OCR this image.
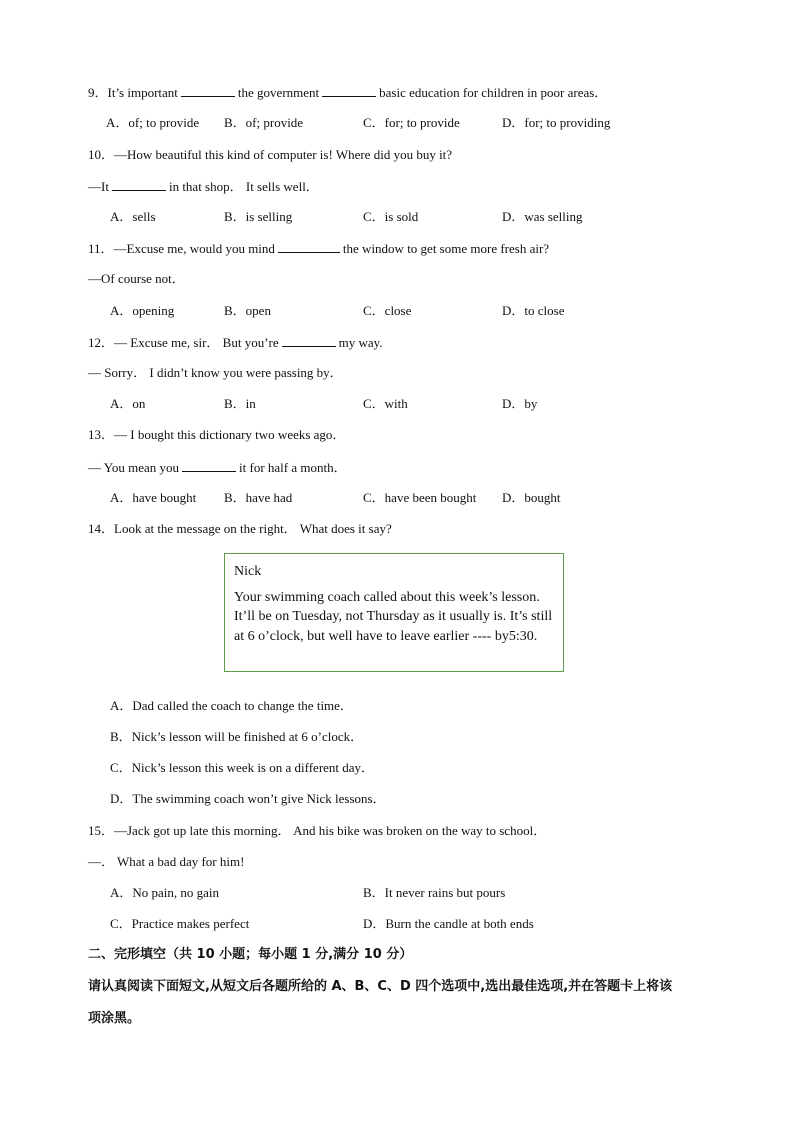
9．It’s important	the government	basic education for children in poor areas．
A．of; to provide B．of; provide	C．for; to provide	D．for; to providing
10．—How beautiful this kind of computer is! Where did you buy it?
—It	in that shop． It sells well．
A．sells	B．is selling	C．is sold	D．was selling
11．—Excuse me, would you mind	the window to get some more fresh air?
—Of course not．
A．opening	B．open	C．close	D．to close
12．— Excuse me, sir． But you’re	my way.
— Sorry． I didn’t know you were passing by．
A．on	B．in	C．with	D．by
13．— I bought this dictionary two weeks ago．
— You mean you	it for half a month．
A．have bought B．have had	C．have been bought D．bought
14．Look at the message on the right． What does it say?
Nick
Your swimming coach called about this week’s lesson. It’ll be on Tuesday, not Thursday as it usually is. It’s still at 6 o’clock, but well have to leave earlier ---- by5:30.
A．Dad called the coach to change the time．
B．Nick’s lesson will be finished at 6 o’clock．
C．Nick’s lesson this week is on a different day．
D．The swimming coach won’t give Nick lessons．
15．—Jack got up late this morning． And his bike was broken on the way to school．
—． What a bad day for him!
A．No pain, no gain	B．It never rains but pours
C．Practice makes perfect	D．Burn the candle at both ends
二、完形填空（共 10 小题；每小题 1 分,满分 10 分）
请认真阅读下面短文,从短文后各题所给的 A、B、C、D 四个选项中,选出最佳选项,并在答题卡上将该
项涂黑。
